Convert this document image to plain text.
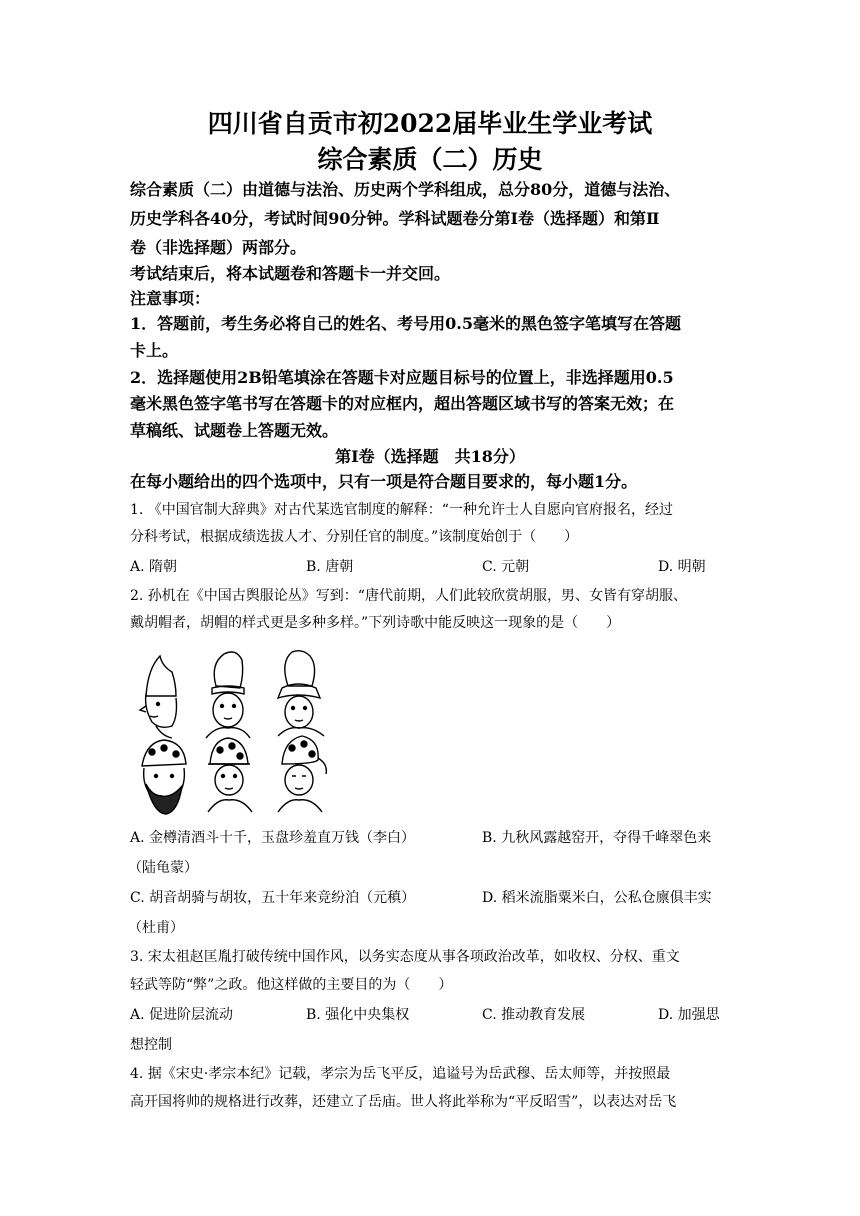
四川省自贡市初2022届毕业生学业考试
综合素质（二）历史
综合素质（二）由道德与法治、历史两个学科组成，总分80分，道德与法治、
历史学科各40分，考试时间90分钟。学科试题卷分第Ⅰ卷（选择题）和第Ⅱ
卷（非选择题）两部分。
考试结束后，将本试题卷和答题卡一并交回。
注意事项：
1．答题前，考生务必将自己的姓名、考号用0.5毫米的黑色签字笔填写在答题
卡上。
2．选择题使用2B铅笔填涂在答题卡对应题目标号的位置上，非选择题用0.5
毫米黑色签字笔书写在答题卡的对应框内，超出答题区域书写的答案无效；在
草稿纸、试题卷上答题无效。
第Ⅰ卷（选择题　共18分）
在每小题给出的四个选项中，只有一项是符合题目要求的，每小题1分。
1. 《中国官制大辞典》对古代某选官制度的解释：“一种允许士人自愿向官府报名，经过
分科考试，根据成绩选拔人才、分别任官的制度。”该制度始创于（　　）
A. 隋朝	B. 唐朝	C. 元朝	D. 明朝
2. 孙机在《中国古舆服论丛》写到：“唐代前期，人们此较欣赏胡服，男、女皆有穿胡服、
戴胡帽者，胡帽的样式更是多种多样。”下列诗歌中能反映这一现象的是（　　）
A. 金樽清酒斗十千，玉盘珍羞直万钱（李白）	B. 九秋风露越窑开，夺得千峰翠色来
（陆龟蒙）
C. 胡音胡骑与胡妆，五十年来竞纷泊（元稹）	D. 稻米流脂粟米白，公私仓廪俱丰实
（杜甫）
3. 宋太祖赵匡胤打破传统中国作风，以务实态度从事各项政治改革，如收权、分权、重文
轻武等防“弊”之政。他这样做的主要目的为（　　）
A. 促进阶层流动	B. 强化中央集权	C. 推动教育发展	D. 加强思
想控制
4. 据《宋史·孝宗本纪》记载，孝宗为岳飞平反，追谥号为岳武穆、岳太师等，并按照最
高开国将帅的规格进行改葬，还建立了岳庙。世人将此举称为“平反昭雪”，以表达对岳飞
